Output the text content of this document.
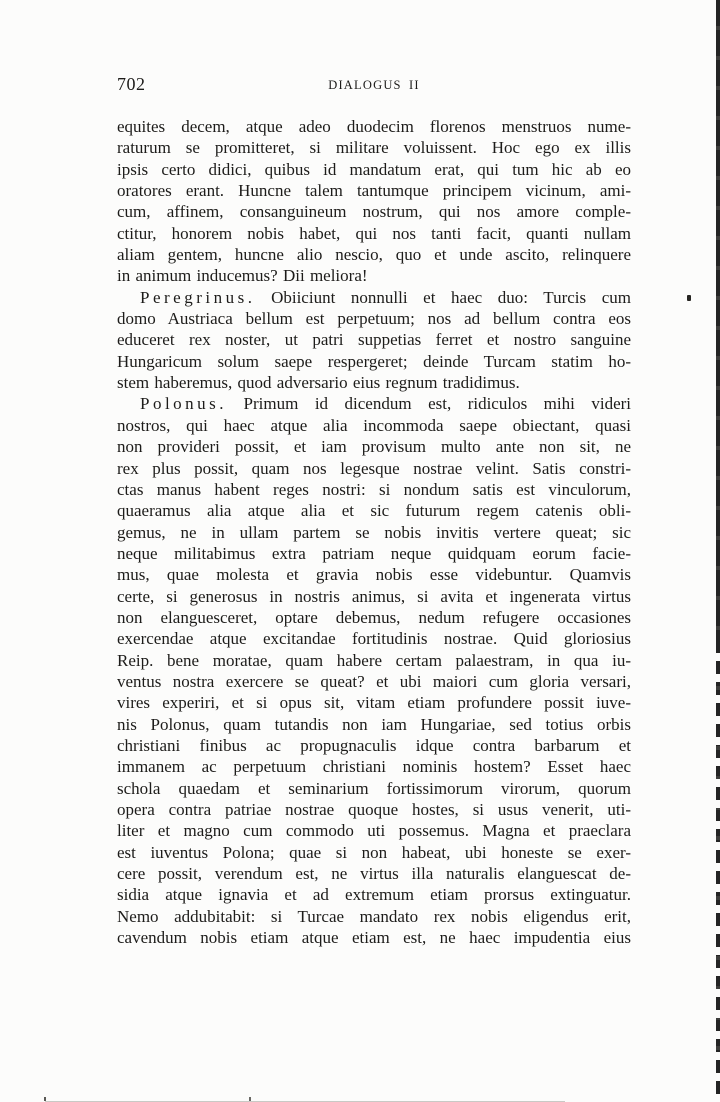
702	DIALOGUS II
equites decem, atque adeo duodecim florenos menstruos nume-
raturum se promitteret, si militare voluissent. Hoc ego ex illis
ipsis certo didici, quibus id mandatum erat, qui tum hic ab eo
oratores erant. Huncne talem tantumque principem vicinum, ami-
cum, affinem, consanguineum nostrum, qui nos amore comple-
ctitur, honorem nobis habet, qui nos tanti facit, quanti nullam
aliam gentem, huncne alio nescio, quo et unde ascito, relinquere
in animum inducemus? Dii meliora!
Peregrinus. Obiiciunt nonnulli et haec duo: Turcis cum
domo Austriaca bellum est perpetuum; nos ad bellum contra eos
educeret rex noster, ut patri suppetias ferret et nostro sanguine
Hungaricum solum saepe respergeret; deinde Turcam statim ho-
stem haberemus, quod adversario eius regnum tradidimus.
Polonus. Primum id dicendum est, ridiculos mihi videri
nostros, qui haec atque alia incommoda saepe obiectant, quasi
non provideri possit, et iam provisum multo ante non sit, ne
rex plus possit, quam nos legesque nostrae velint. Satis constri-
ctas manus habent reges nostri: si nondum satis est vinculorum,
quaeramus alia atque alia et sic futurum regem catenis obli-
gemus, ne in ullam partem se nobis invitis vertere queat; sic
neque militabimus extra patriam neque quidquam eorum facie-
mus, quae molesta et gravia nobis esse videbuntur. Quamvis
certe, si generosus in nostris animus, si avita et ingenerata virtus
non elanguesceret, optare debemus, nedum refugere occasiones
exercendae atque excitandae fortitudinis nostrae. Quid gloriosius
Reip. bene moratae, quam habere certam palaestram, in qua iu-
ventus nostra exercere se queat? et ubi maiori cum gloria versari,
vires experiri, et si opus sit, vitam etiam profundere possit iuve-
nis Polonus, quam tutandis non iam Hungariae, sed totius orbis
christiani finibus ac propugnaculis idque contra barbarum et
immanem ac perpetuum christiani nominis hostem? Esset haec
schola quaedam et seminarium fortissimorum virorum, quorum
opera contra patriae nostrae quoque hostes, si usus venerit, uti-
liter et magno cum commodo uti possemus. Magna et praeclara
est iuventus Polona; quae si non habeat, ubi honeste se exer-
cere possit, verendum est, ne virtus illa naturalis elanguescat de-
sidia atque ignavia et ad extremum etiam prorsus extinguatur.
Nemo addubitabit: si Turcae mandato rex nobis eligendus erit,
cavendum nobis etiam atque etiam est, ne haec impudentia eius
